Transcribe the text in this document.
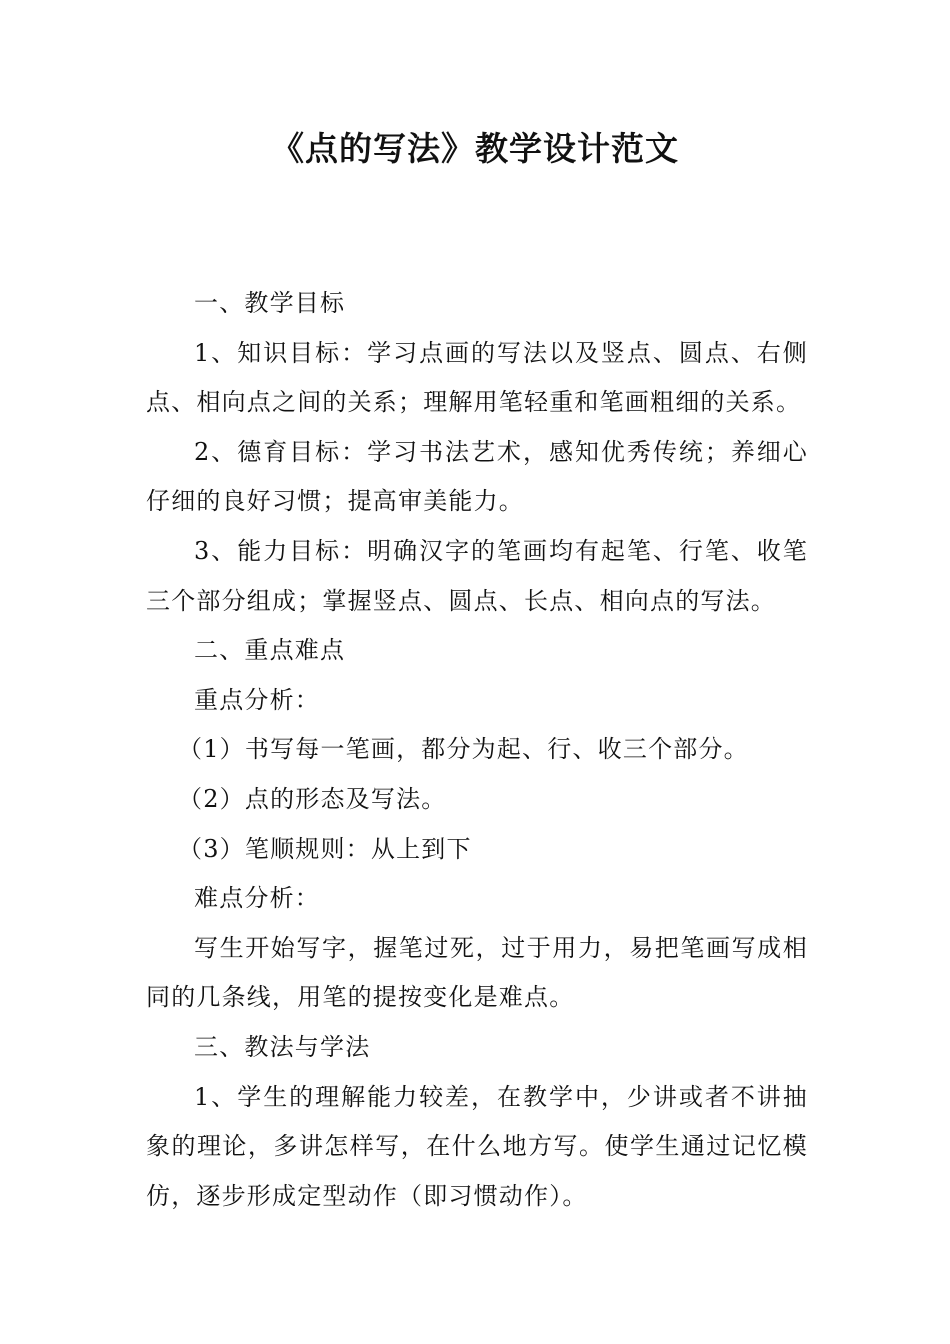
《点的写法》教学设计范文

一、教学目标

1、知识目标：学习点画的写法以及竖点、圆点、右侧点、相向点之间的关系；理解用笔轻重和笔画粗细的关系。

2、德育目标：学习书法艺术，感知优秀传统；养细心仔细的良好习惯；提高审美能力。

3、能力目标：明确汉字的笔画均有起笔、行笔、收笔三个部分组成；掌握竖点、圆点、长点、相向点的写法。

二、重点难点

重点分析：

（1）书写每一笔画，都分为起、行、收三个部分。

（2）点的形态及写法。

（3）笔顺规则：从上到下

难点分析：

写生开始写字，握笔过死，过于用力，易把笔画写成相同的几条线，用笔的提按变化是难点。

三、教法与学法

1、学生的理解能力较差，在教学中，少讲或者不讲抽象的理论，多讲怎样写，在什么地方写。使学生通过记忆模仿，逐步形成定型动作（即习惯动作）。
